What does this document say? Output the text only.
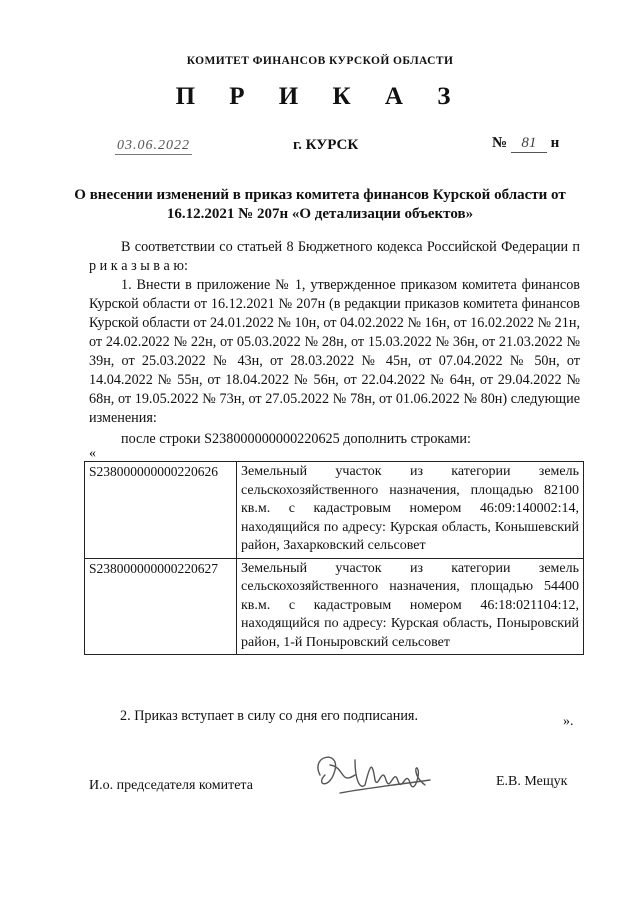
КОМИТЕТ ФИНАНСОВ КУРСКОЙ ОБЛАСТИ
П Р И К А З
03.06.2022	г. КУРСК	№ 81 н
О внесении изменений в приказ комитета финансов Курской области от 16.12.2021 № 207н «О детализации объектов»
В соответствии со статьей 8 Бюджетного кодекса Российской Федерации п р и к а з ы в а ю:
1. Внести в приложение № 1, утвержденное приказом комитета финансов Курской области от 16.12.2021 № 207н (в редакции приказов комитета финансов Курской области от 24.01.2022 № 10н, от 04.02.2022 № 16н, от 16.02.2022 № 21н, от 24.02.2022 № 22н, от 05.03.2022 № 28н, от 15.03.2022 № 36н, от 21.03.2022 № 39н, от 25.03.2022 № 43н, от 28.03.2022 № 45н, от 07.04.2022 № 50н, от 14.04.2022 № 55н, от 18.04.2022 № 56н, от 22.04.2022 № 64н, от 29.04.2022 № 68н, от 19.05.2022 № 73н, от 27.05.2022 № 78н, от 01.06.2022 № 80н) следующие изменения:
после строки S238000000000220625 дополнить строками:
«
S238000000000220626	Земельный участок из категории земель сельскохозяйственного назначения, площадью 82100 кв.м. с кадастровым номером 46:09:140002:14, находящийся по адресу: Курская область, Конышевский район, Захарковский сельсовет
S238000000000220627	Земельный участок из категории земель сельскохозяйственного назначения, площадью 54400 кв.м. с кадастровым номером 46:18:021104:12, находящийся по адресу: Курская область, Поныровский район, 1-й Поныровский сельсовет
».
2. Приказ вступает в силу со дня его подписания.
И.о. председателя комитета	Е.В. Мещук
